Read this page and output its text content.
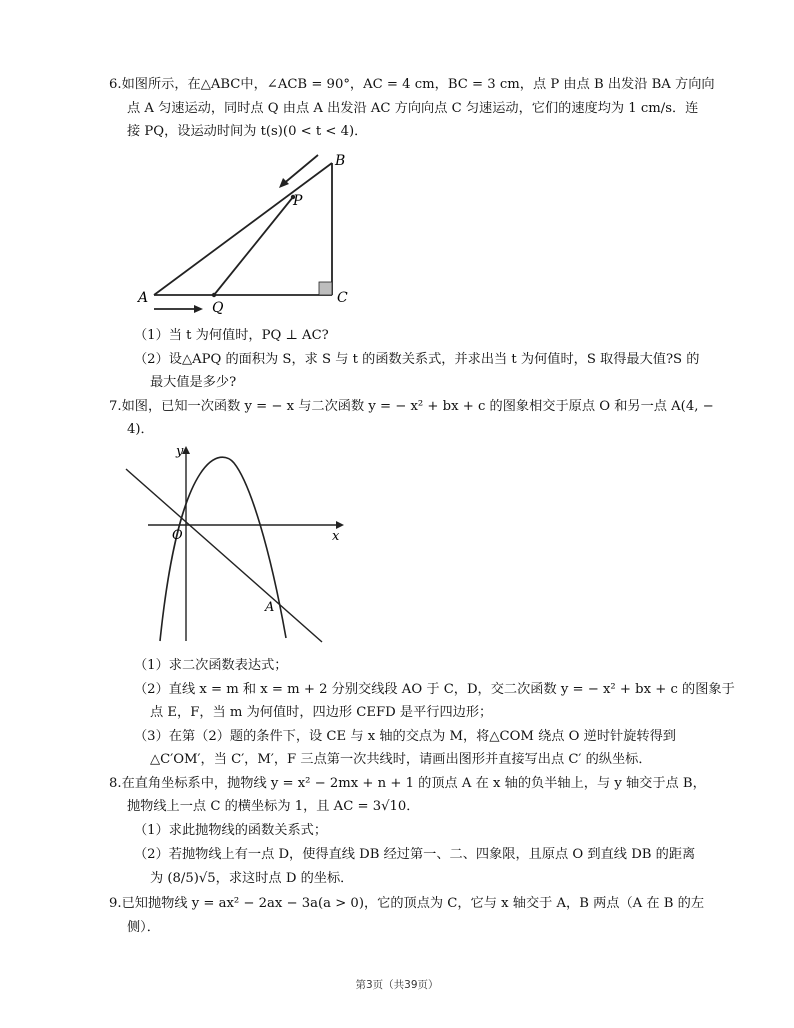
6.如图所示，在△ABC中，∠ACB = 90°，AC = 4 cm，BC = 3 cm，点 P 由点 B 出发沿 BA 方向向
点 A 匀速运动，同时点 Q 由点 A 出发沿 AC 方向向点 C 匀速运动，它们的速度均为 1 cm/s．连
接 PQ，设运动时间为 t(s)(0 < t < 4)．
A
B
C
P
Q
（1）当 t 为何值时，PQ ⊥ AC?
（2）设△APQ 的面积为 S，求 S 与 t 的函数关系式，并求出当 t 为何值时，S 取得最大值?S 的
最大值是多少?
7.如图，已知一次函数 y = − x 与二次函数 y = − x² + bx + c 的图象相交于原点 O 和另一点 A(4, −
4)．
y
x
O
A
（1）求二次函数表达式；
（2）直线 x = m 和 x = m + 2 分别交线段 AO 于 C，D，交二次函数 y = − x² + bx + c 的图象于
点 E，F，当 m 为何值时，四边形 CEFD 是平行四边形；
（3）在第（2）题的条件下，设 CE 与 x 轴的交点为 M，将△COM 绕点 O 逆时针旋转得到
△C′OM′，当 C′，M′，F 三点第一次共线时，请画出图形并直接写出点 C′ 的纵坐标．
8.在直角坐标系中，抛物线 y = x² − 2mx + n + 1 的顶点 A 在 x 轴的负半轴上，与 y 轴交于点 B，
抛物线上一点 C 的横坐标为 1，且 AC = 3√10．
（1）求此抛物线的函数关系式；
（2）若抛物线上有一点 D，使得直线 DB 经过第一、二、四象限，且原点 O 到直线 DB 的距离
为 (8/5)√5，求这时点 D 的坐标．
9.已知抛物线 y = ax² − 2ax − 3a(a > 0)，它的顶点为 C，它与 x 轴交于 A，B 两点（A 在 B 的左
侧）．
第3页（共39页）
